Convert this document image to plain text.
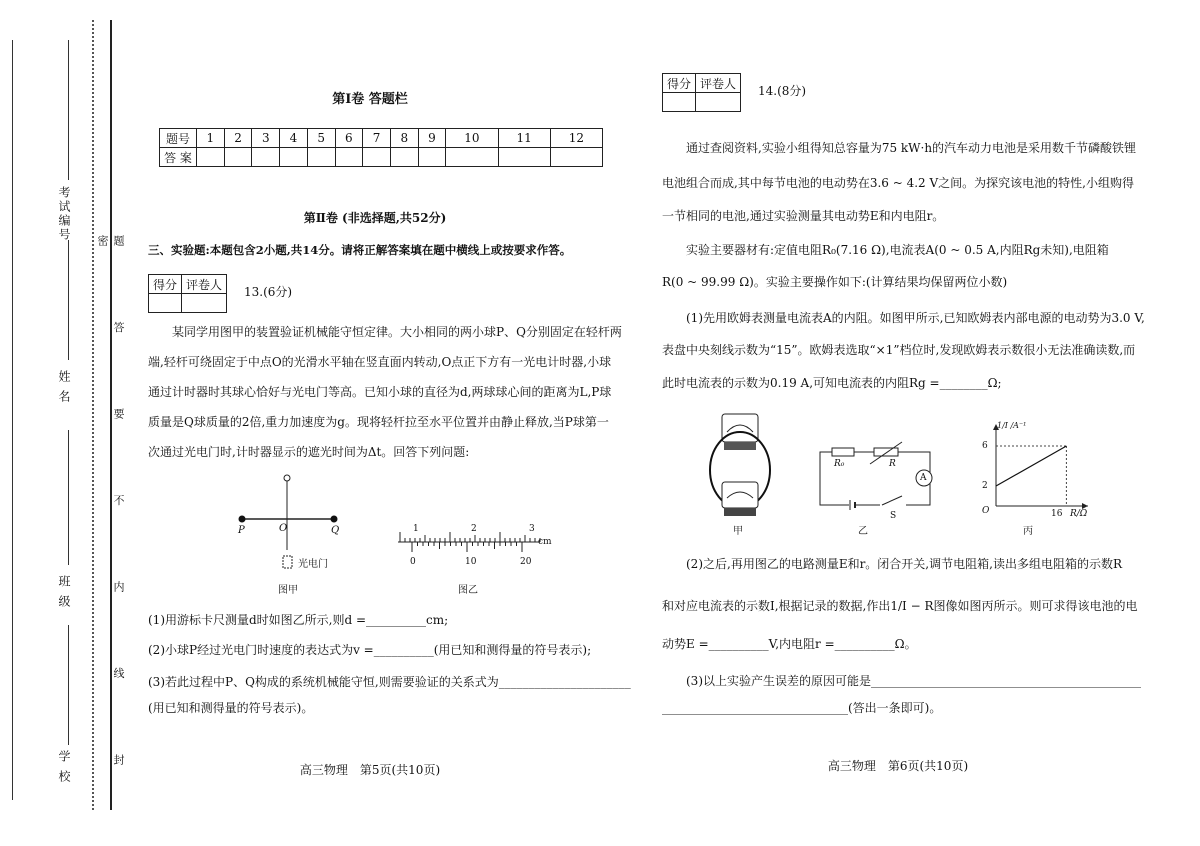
考试编号
姓 名
班 级
学 校	题 答 要 不 内 线 封 密
第Ⅰ卷 答题栏
题号	1	2	3	4	5	6	7	8	9	10	11	12
答 案												
第Ⅱ卷 (非选择题,共52分)
三、实验题:本题包含2小题,共14分。请将正解答案填在题中横线上或按要求作答。
得分	评卷人

13.(6分)
某同学用图甲的装置验证机械能守恒定律。大小相同的两小球P、Q分别固定在轻杆两
端,轻杆可绕固定于中点O的光滑水平轴在竖直面内转动,O点正下方有一光电计时器,小球
通过计时器时其球心恰好与光电门等高。已知小球的直径为d,两球球心间的距离为L,P球
质量是Q球质量的2倍,重力加速度为g。现将轻杆拉至水平位置并由静止释放,当P球第一
次通过光电门时,计时器显示的遮光时间为Δt。回答下列问题:
P	O	Q
光电门
图甲
1	2	3
cm
0	10	20
图乙
(1)用游标卡尺测量d时如图乙所示,则d =__________cm;
(2)小球P经过光电门时速度的表达式为v =__________(用已知和测得量的符号表示);
(3)若此过程中P、Q构成的系统机械能守恒,则需要验证的关系式为______________________
(用已知和测得量的符号表示)。
高三物理　第5页(共10页)
得分	评卷人

14.(8分)
通过查阅资料,实验小组得知总容量为75 kW·h的汽车动力电池是采用数千节磷酸铁锂
电池组合而成,其中每节电池的电动势在3.6 ~ 4.2 V之间。为探究该电池的特性,小组购得
一节相同的电池,通过实验测量其电动势E和内电阻r。
实验主要器材有:定值电阻R₀(7.16 Ω),电流表A(0 ~ 0.5 A,内阻Rg未知),电阻箱
R(0 ~ 99.99 Ω)。实验主要操作如下:(计算结果均保留两位小数)
(1)先用欧姆表测量电流表A的内阻。如图甲所示,已知欧姆表内部电源的电动势为3.0 V,
表盘中央刻线示数为“15”。欧姆表选取“×1”档位时,发现欧姆表示数很小无法准确读数,而
此时电流表的示数为0.19 A,可知电流表的内阻Rg =________Ω;
甲
R₀	R
A
S
乙
1/I /A⁻¹
6
2
O	16 R/Ω
丙
(2)之后,再用图乙的电路测量E和r。闭合开关,调节电阻箱,读出多组电阻箱的示数R
和对应电流表的示数I,根据记录的数据,作出1/I − R图像如图丙所示。则可求得该电池的电
动势E =__________V,内电阻r =__________Ω。
(3)以上实验产生误差的原因可能是_____________________________________________
_______________________________(答出一条即可)。
高三物理　第6页(共10页)
